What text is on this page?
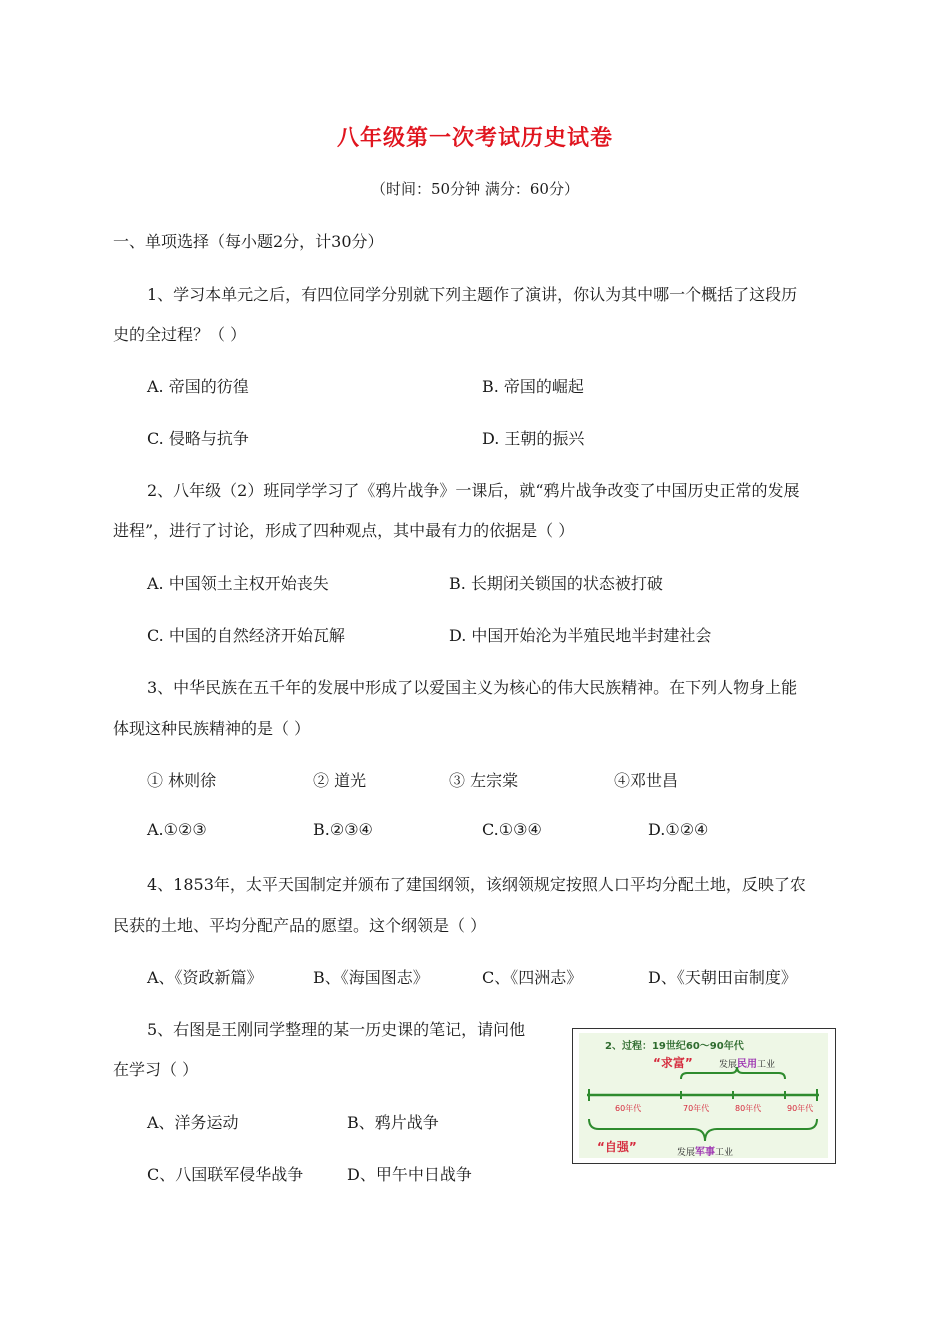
八年级第一次考试历史试卷
（时间：50分钟 满分：60分）
一、单项选择（每小题2分，计30分）
1、学习本单元之后，有四位同学分别就下列主题作了演讲，你认为其中哪一个概括了这段历
史的全过程？（ ）
A. 帝国的彷徨	B. 帝国的崛起
C. 侵略与抗争	D. 王朝的振兴
2、八年级（2）班同学学习了《鸦片战争》一课后，就“鸦片战争改变了中国历史正常的发展
进程”，进行了讨论，形成了四种观点，其中最有力的依据是（ ）
A. 中国领土主权开始丧失	B. 长期闭关锁国的状态被打破
C. 中国的自然经济开始瓦解	D. 中国开始沦为半殖民地半封建社会
3、中华民族在五千年的发展中形成了以爱国主义为核心的伟大民族精神。在下列人物身上能
体现这种民族精神的是（ ）
① 林则徐	② 道光	③ 左宗棠	④邓世昌
A.①②③	B.②③④	C.①③④	D.①②④
4、1853年，太平天国制定并颁布了建国纲领，该纲领规定按照人口平均分配土地，反映了农
民获的土地、平均分配产品的愿望。这个纲领是（ ）
A、《资政新篇》	B、《海国图志》	C、《四洲志》	D、《天朝田亩制度》
5、右图是王刚同学整理的某一历史课的笔记，请问他
在学习（ ）
A、洋务运动	B、鸦片战争
C、八国联军侵华战争	D、甲午中日战争
2、过程：19世纪60～90年代
“求富”	发展民用工业
60年代	70年代	80年代	90年代
“自强”	发展军事工业
